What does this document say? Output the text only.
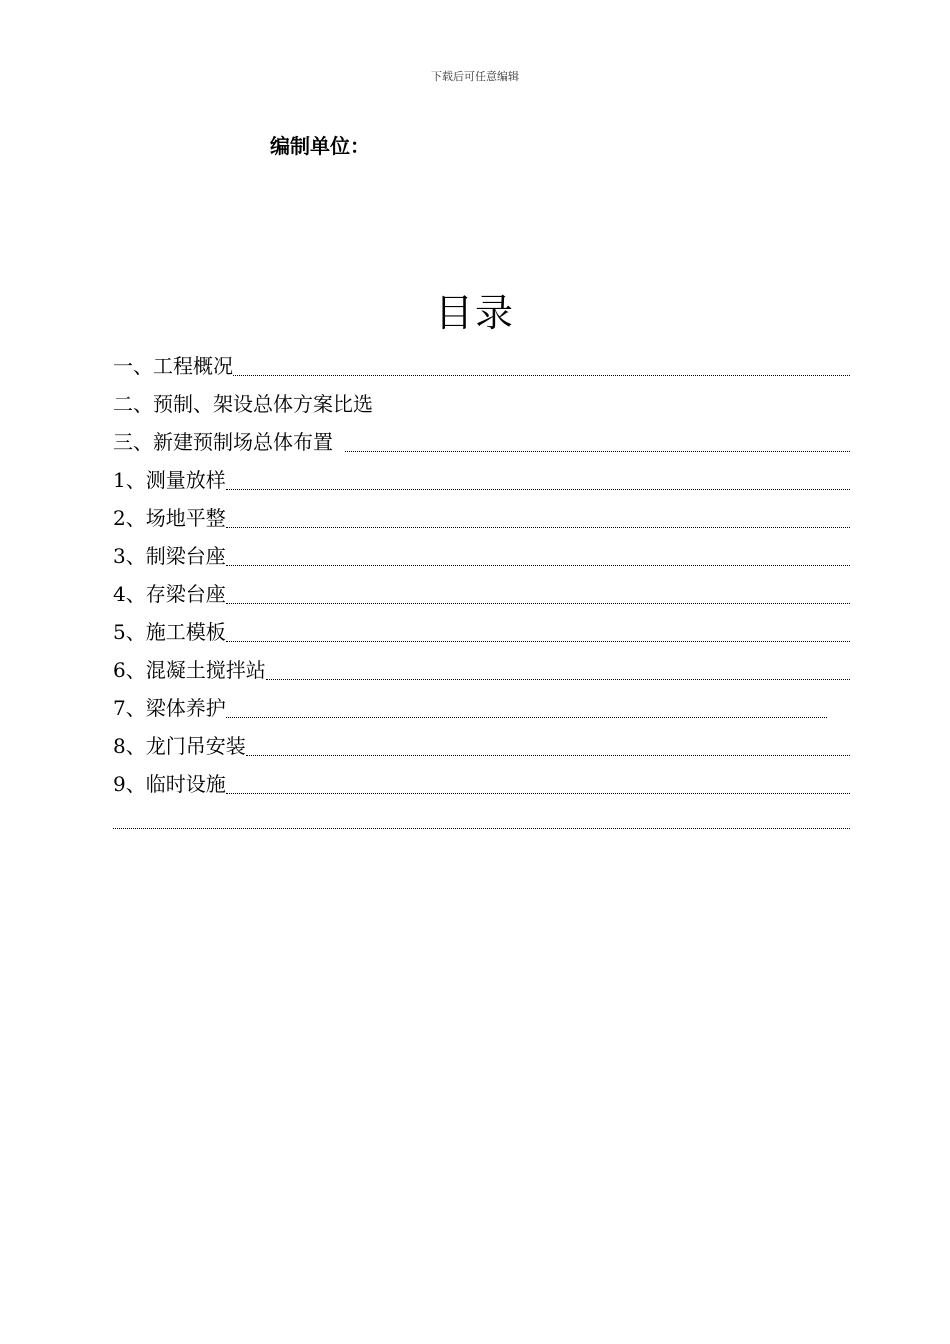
下载后可任意编辑
编制单位：
目录
一、工程概况
二、预制、架设总体方案比选
三、新建预制场总体布置
1、测量放样
2、场地平整
3、制梁台座
4、存梁台座
5、施工模板
6、混凝土搅拌站
7、梁体养护
8、龙门吊安装
9、临时设施
